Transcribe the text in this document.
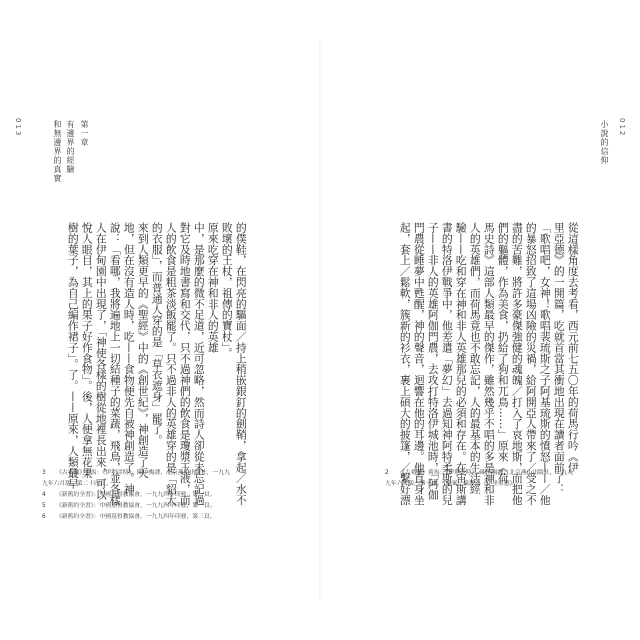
013	第一章
有邊界的經驗
和無邊界的真實
的僕鞋，在閃亮的驅面／持上稍嵌銀釘的劍鞘，拿起／水不
敗壞的王杖，祖傳的寶杖」。
原來吃穿在神和非人的英雄
中，是那麼的微不足道，近可忽略，然而詩人卻從未忘記過
對它及時地書寫和交代，只不過神們的飲食是瓊漿玉液，而
人的飲食是粗茶淡飯罷了。只不過非人的英雄穿的是「貂大
的衣服」，而普通人穿的是「草衣遮身」罷了。
來到人類更早的《聖經》中的《創世紀》，神創造了天
地，但在沒有造人時，吃——食物便先自被神創造了。神
說：「看哪，我將遍地上一切結種子的菜蔬，飛鳥，並各樣
人在伊甸園中出現了，「神使各樣的樹從地裡長出來，可以
悅人眼目，其上的果子好作食物」。後，人便拿無花果
樹的葉子，為自己編作裙子」。了。——原來，人類最早
3 《古希臘》荷馬：《伊利亞特》，陳中梅譯，北京燕山出版社，一九九
九年六月版，第二十四頁。
4 《新舊約全書》：中國基督教協會，一九九四年印發，第一頁。
5 《新舊約全書》：中國基督教協會，一九九四年印發，第一頁。
6 《新舊約全書》：中國基督教協會，一九九四年印發，第三頁。
012
小說的信仰
從這樣角度去考看，西元前七五〇年的荷馬行吟《伊
里亞德》的一開篇，吃就首當其衝地出現在讀者面前了：
「歌唱吧，女神！歌唱裴琉斯之子阿基琉斯的憤怒——／他
的暴怒招致了這場凶險的災禍，給阿開亞人帶來了／受之不
盡的苦難，將許多豪傑強健的魂魄／打入了哀地斯，而把他
們的軀體，作為美食，扔給了狗和兀鳥……」原來《荷
馬史詩》這部人類最早的傑作，雖然幾乎不唱的多是神和非
人的英雄們，而荷馬竟也不敢忘記，人的最基本的生活經
驗——吃和穿在神和非人英雄那兒的必須和存在。在宙斯講
書的特洛伊戰爭中，他差遣「夢幻」去過知神阿特柔斯的兒
子——非人的英雄阿伽門農，去攻打特洛伊城池時，「阿伽
門農從睡夢中甦醒，神的聲音，迴響在他的耳邊。他直身坐
起，套上／鬆軟，簇新的衫衣，裹上碩大的披篷，／繫好漂
2 《古希臘》荷馬：《伊利亞特》，陳中梅譯，北京燕山出版社，一九九
九年六月版，第一頁。（編案：臺譯為《伊里亞德》。）
